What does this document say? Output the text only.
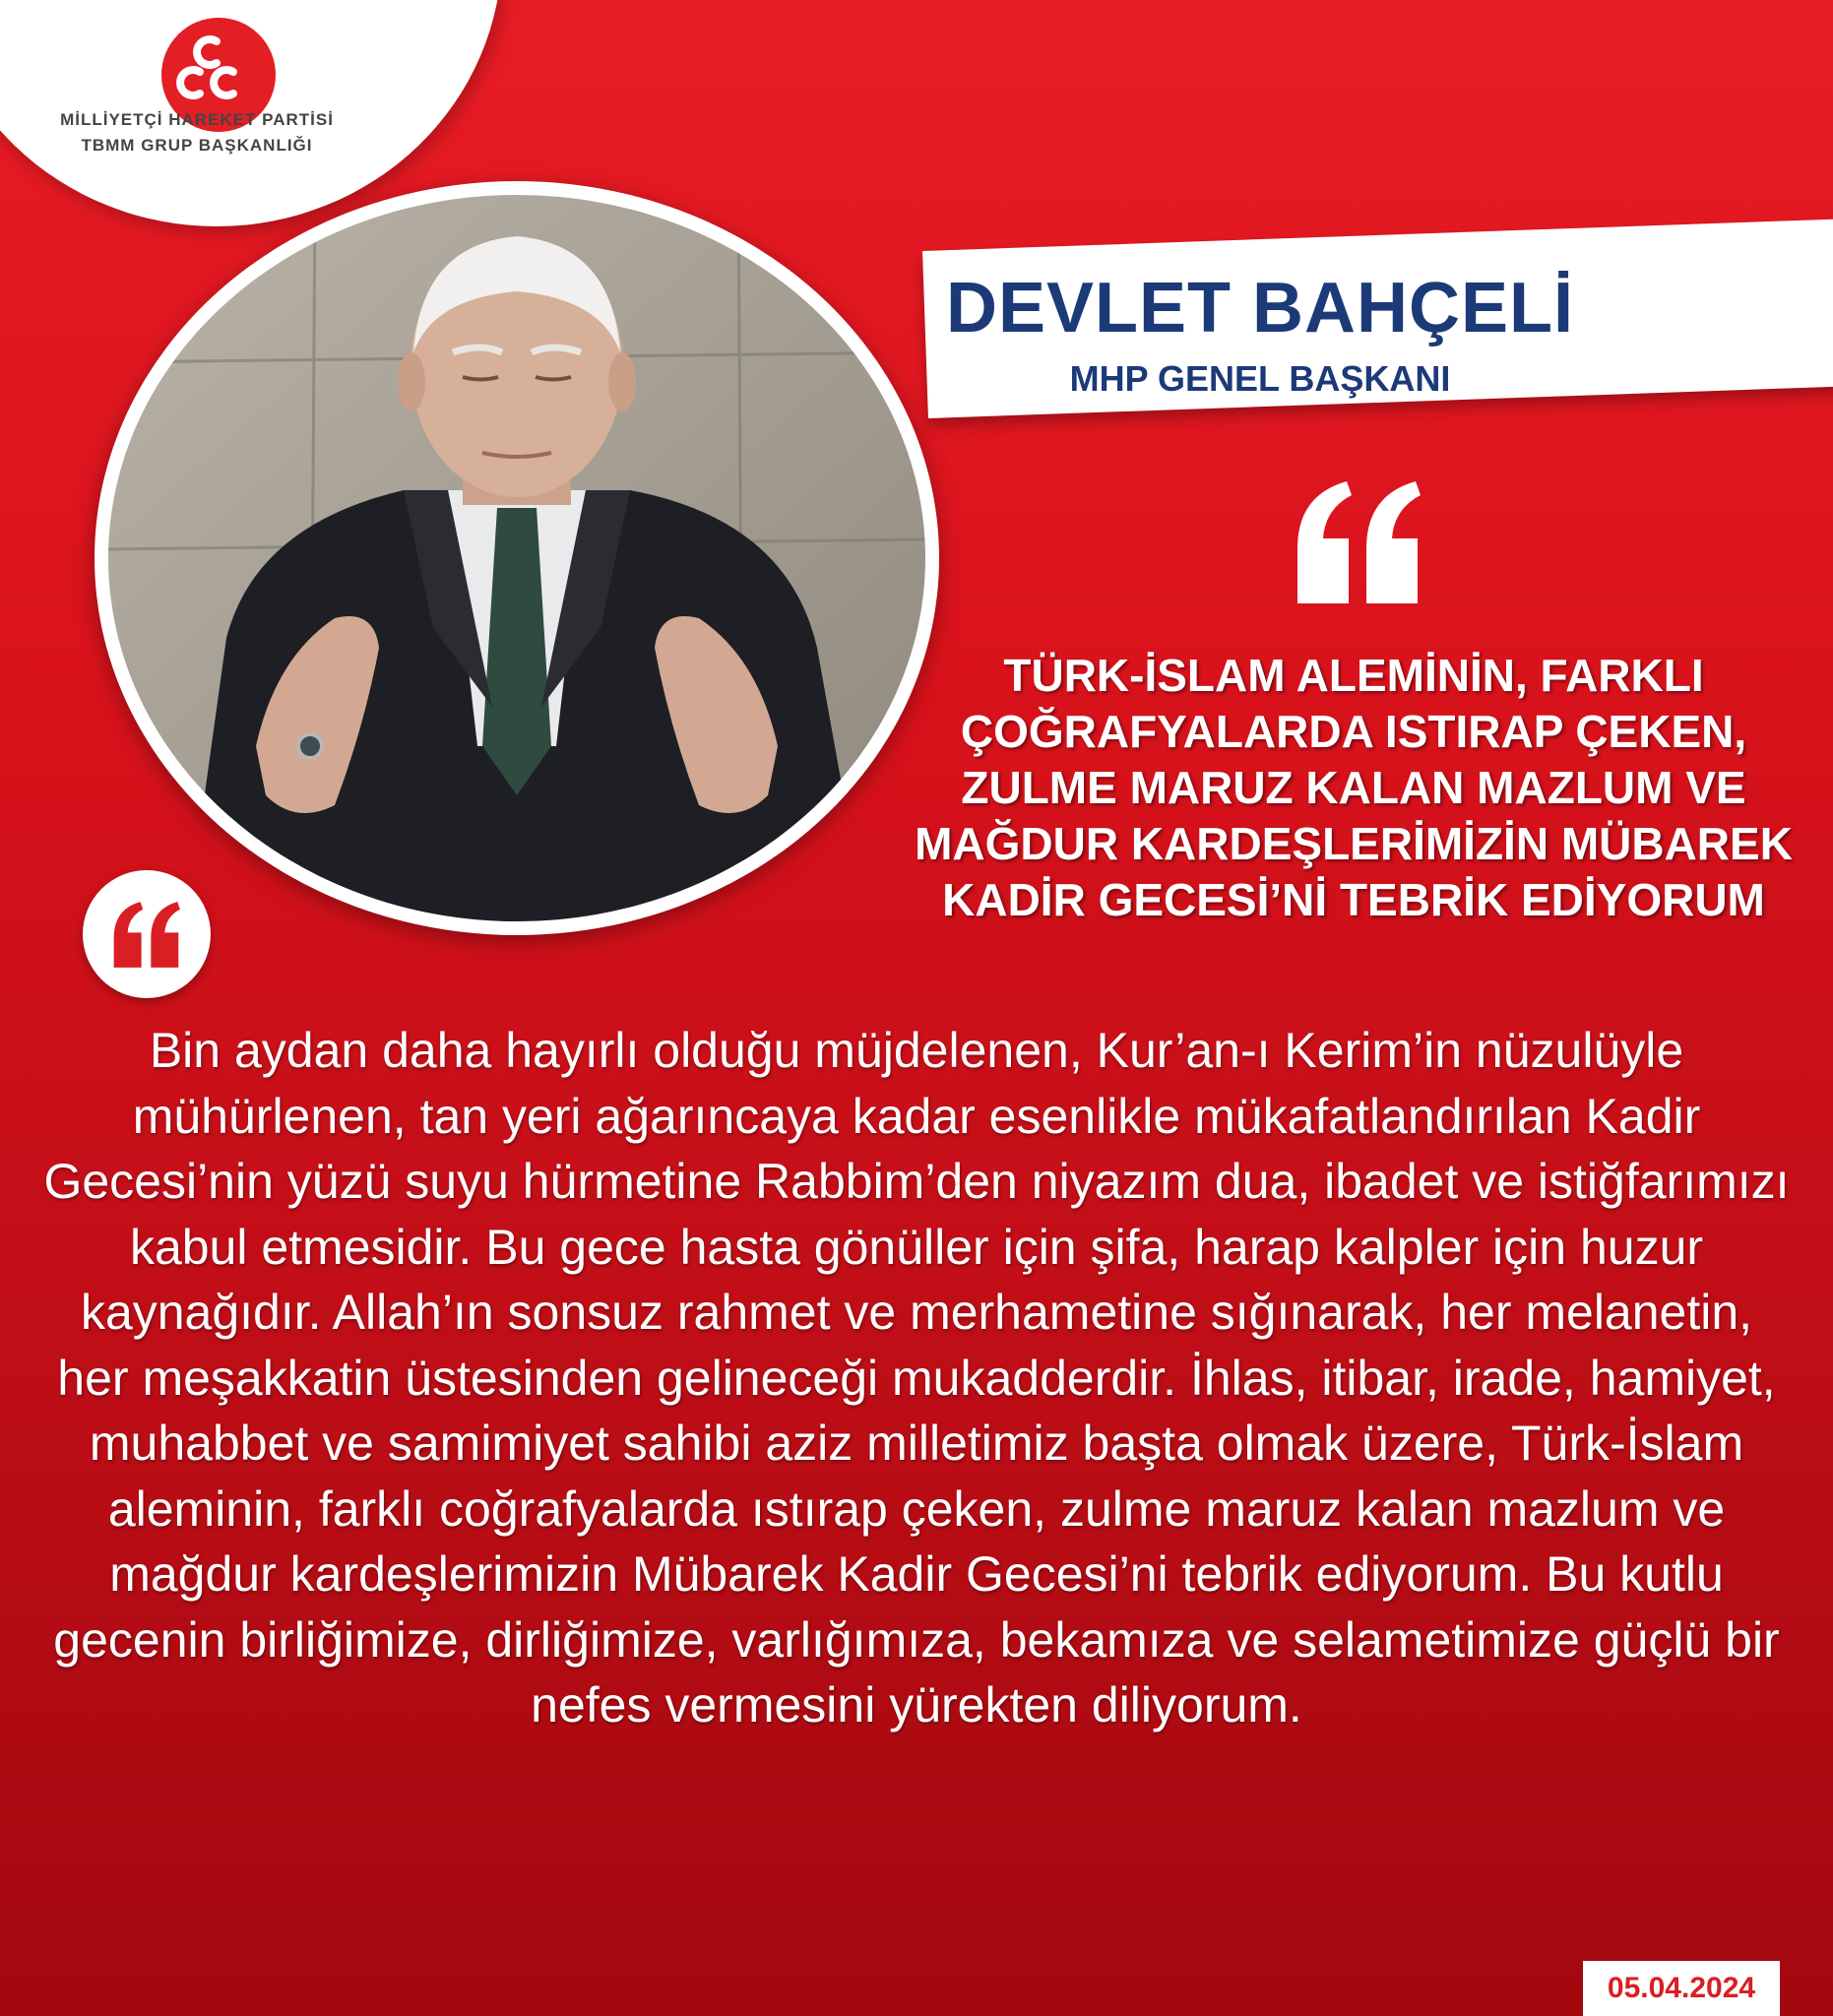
MİLLİYETÇİ HAREKET PARTİSİ

TBMM GRUP BAŞKANLIĞI

DEVLET BAHÇELİ
MHP GENEL BAŞKANI

TÜRK-İSLAM ALEMİNİN, FARKLI ÇOĞRAFYALARDA ISTIRAP ÇEKEN, ZULME MARUZ KALAN MAZLUM VE MAĞDUR KARDEŞLERİMİZİN MÜBAREK KADİR GECESİ’Nİ TEBRİK EDİYORUM

Bin aydan daha hayırlı olduğu müjdelenen, Kur’an-ı Kerim’in nüzulüyle mühürlenen, tan yeri ağarıncaya kadar esenlikle mükafatlandırılan Kadir Gecesi’nin yüzü suyu hürmetine Rabbim’den niyazım dua, ibadet ve istiğfarımızı kabul etmesidir. Bu gece hasta gönüller için şifa, harap kalpler için huzur kaynağıdır. Allah’ın sonsuz rahmet ve merhametine sığınarak, her melanetin, her meşakkatin üstesinden gelineceği mukadderdir. İhlas, itibar, irade, hamiyet, muhabbet ve samimiyet sahibi aziz milletimiz başta olmak üzere, Türk-İslam aleminin, farklı coğrafyalarda ıstırap çeken, zulme maruz kalan mazlum ve mağdur kardeşlerimizin Mübarek Kadir Gecesi’ni tebrik ediyorum. Bu kutlu gecenin birliğimize, dirliğimize, varlığımıza, bekamıza ve selametimize güçlü bir nefes vermesini yürekten diliyorum.

05.04.2024
